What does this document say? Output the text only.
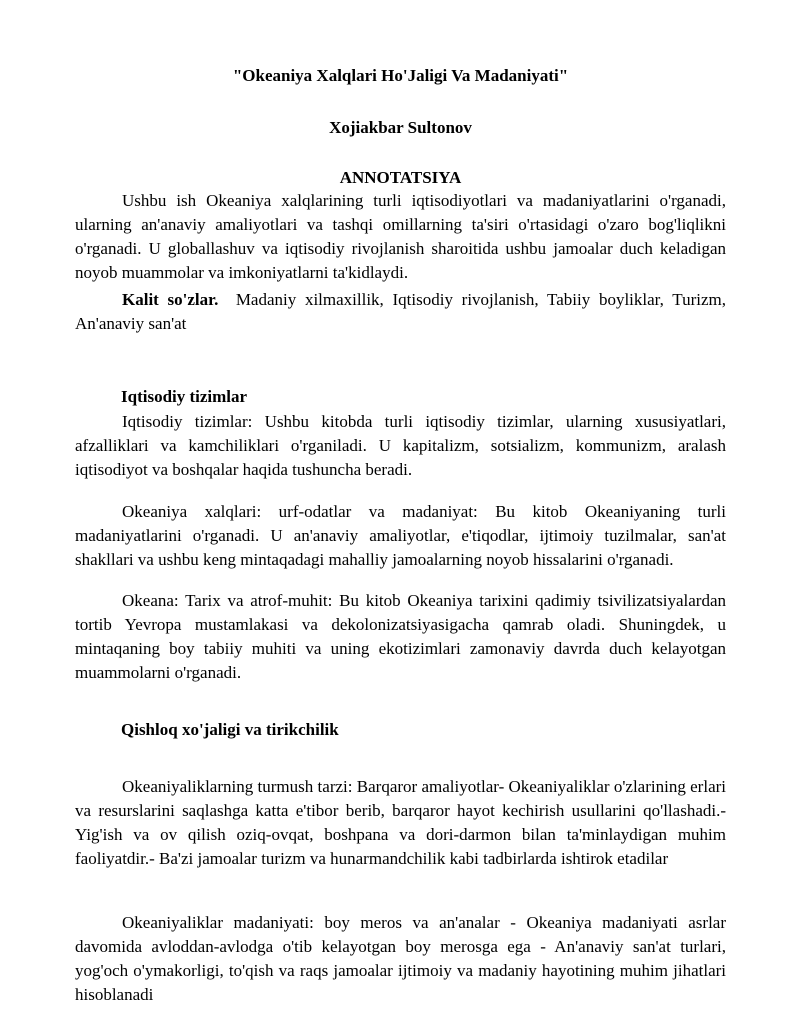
"Okeaniya Xalqlari Ho'Jaligi Va Madaniyati"

Xojiakbar Sultonov

ANNOTATSIYA

Ushbu ish Okeaniya xalqlarining turli iqtisodiyotlari va madaniyatlarini o'rganadi, ularning an'anaviy amaliyotlari va tashqi omillarning ta'siri o'rtasidagi o'zaro bog'liqlikni o'rganadi. U globallashuv va iqtisodiy rivojlanish sharoitida ushbu jamoalar duch keladigan noyob muammolar va imkoniyatlarni ta'kidlaydi.

Kalit so'zlar. Madaniy xilmaxillik, Iqtisodiy rivojlanish, Tabiiy boyliklar, Turizm, An'anaviy san'at

Iqtisodiy tizimlar

Iqtisodiy tizimlar: Ushbu kitobda turli iqtisodiy tizimlar, ularning xususiyatlari, afzalliklari va kamchiliklari o'rganiladi. U kapitalizm, sotsializm, kommunizm, aralash iqtisodiyot va boshqalar haqida tushuncha beradi.

Okeaniya xalqlari: urf-odatlar va madaniyat: Bu kitob Okeaniyaning turli madaniyatlarini o'rganadi. U an'anaviy amaliyotlar, e'tiqodlar, ijtimoiy tuzilmalar, san'at shakllari va ushbu keng mintaqadagi mahalliy jamoalarning noyob hissalarini o'rganadi.

Okeana: Tarix va atrof-muhit: Bu kitob Okeaniya tarixini qadimiy tsivilizatsiyalardan tortib Yevropa mustamlakasi va dekolonizatsiyasigacha qamrab oladi. Shuningdek, u mintaqaning boy tabiiy muhiti va uning ekotizimlari zamonaviy davrda duch kelayotgan muammolarni o'rganadi.

Qishloq xo'jaligi va tirikchilik

Okeaniyaliklarning turmush tarzi: Barqaror amaliyotlar- Okeaniyaliklar o'zlarining erlari va resurslarini saqlashga katta e'tibor berib, barqaror hayot kechirish usullarini qo'llashadi.- Yig'ish va ov qilish oziq-ovqat, boshpana va dori-darmon bilan ta'minlaydigan muhim faoliyatdir.- Ba'zi jamoalar turizm va hunarmandchilik kabi tadbirlarda ishtirok etadilar

Okeaniyaliklar madaniyati: boy meros va an'analar - Okeaniya madaniyati asrlar davomida avloddan-avlodga o'tib kelayotgan boy merosga ega - An'anaviy san'at turlari, yog'och o'ymakorligi, to'qish va raqs jamoalar ijtimoiy va madaniy hayotining muhim jihatlari hisoblanadi
